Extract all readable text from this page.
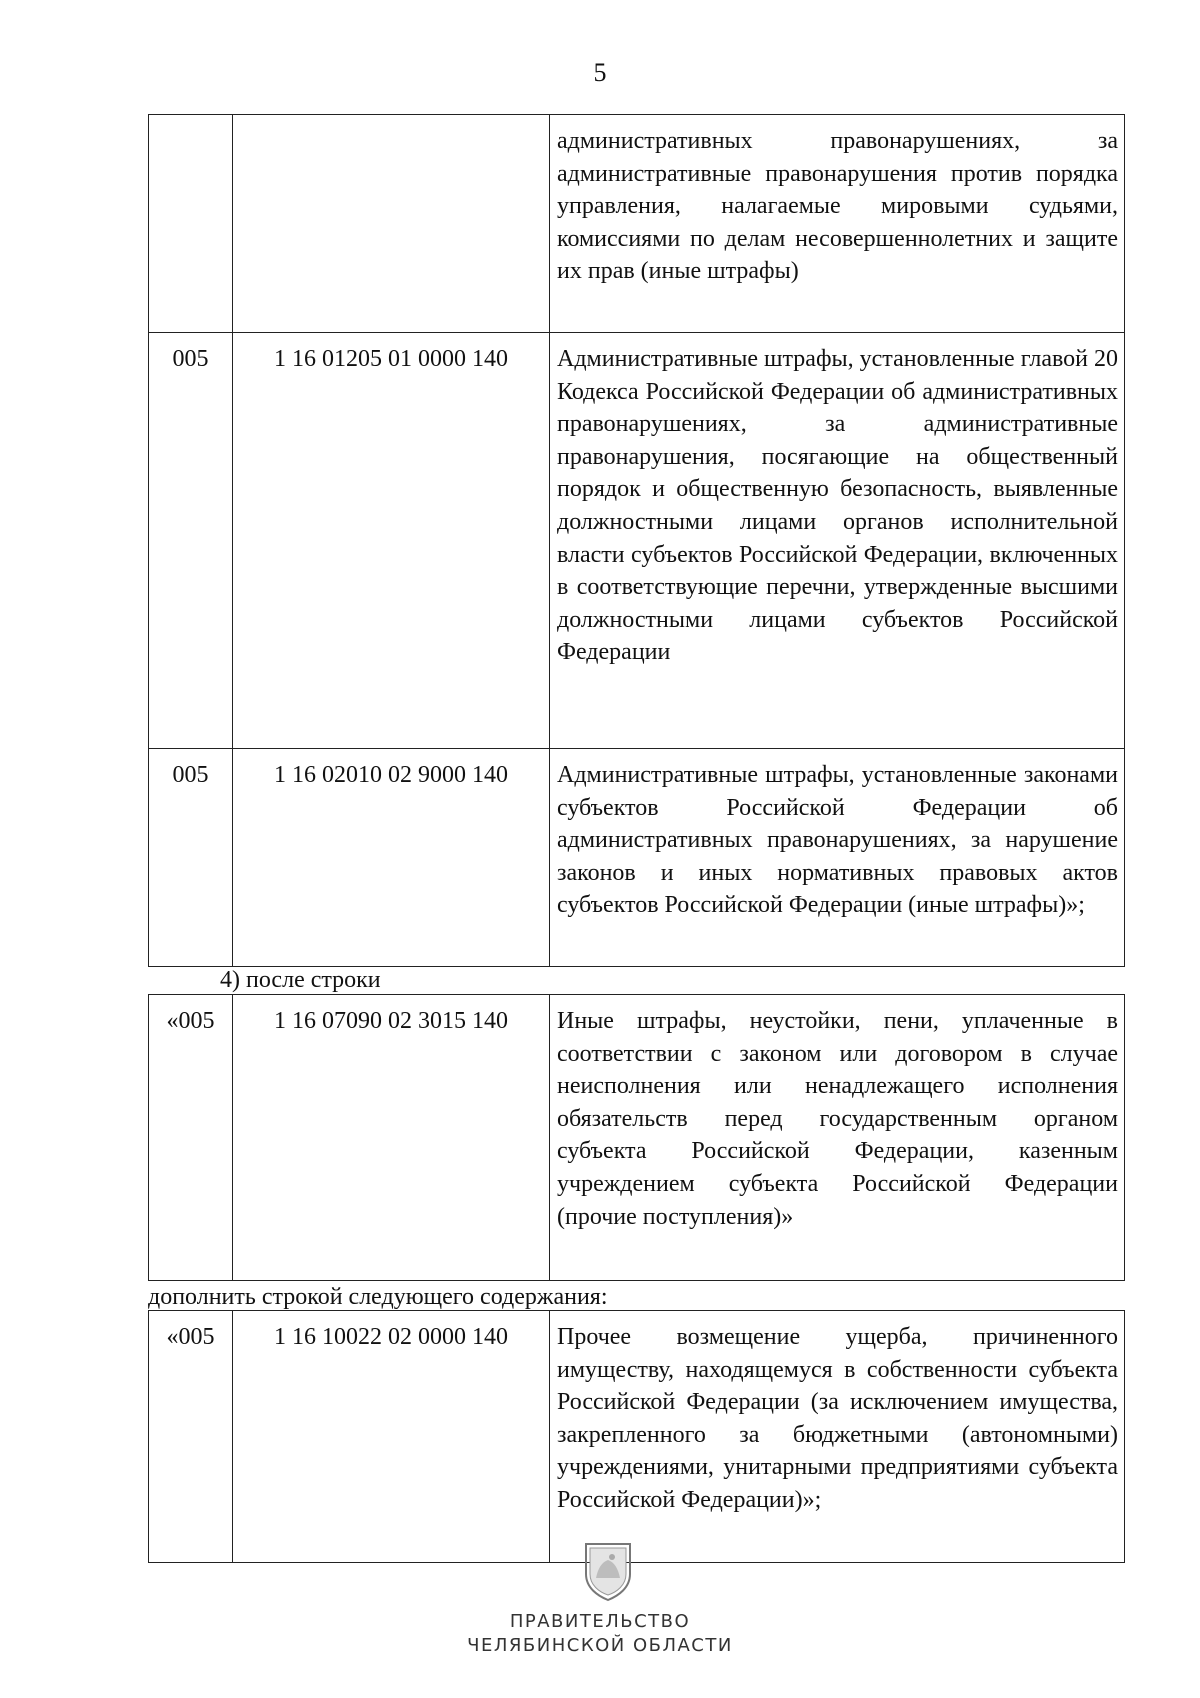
5
		административных правонарушениях, за административные правонарушения против порядка управления, налагаемые мировыми судьями, комиссиями по делам несовершеннолетних и защите их прав (иные штрафы)
005	1 16 01205 01 0000 140	Административные штрафы, установленные главой 20 Кодекса Российской Федерации об административных правонарушениях, за административные правонарушения, посягающие на общественный порядок и общественную безопасность, выявленные должностными лицами органов исполнительной власти субъектов Российской Федерации, включенных в соответствующие перечни, утвержденные высшими должностными лицами субъектов Российской Федерации
005	1 16 02010 02 9000 140	Административные штрафы, установленные законами субъектов Российской Федерации об административных правонарушениях, за нарушение законов и иных нормативных правовых актов субъектов Российской Федерации (иные штрафы)»;
4) после строки
«005	1 16 07090 02 3015 140	Иные штрафы, неустойки, пени, уплаченные в соответствии с законом или договором в случае неисполнения или ненадлежащего исполнения обязательств перед государственным органом субъекта Российской Федерации, казенным учреждением субъекта Российской Федерации (прочие поступления)»
дополнить строкой следующего содержания:
«005	1 16 10022 02 0000 140	Прочее возмещение ущерба, причиненного имуществу, находящемуся в собственности субъекта Российской Федерации (за исключением имущества, закрепленного за бюджетными (автономными) учреждениями, унитарными предприятиями субъекта Российской Федерации)»;
ПРАВИТЕЛЬСТВО
ЧЕЛЯБИНСКОЙ ОБЛАСТИ
